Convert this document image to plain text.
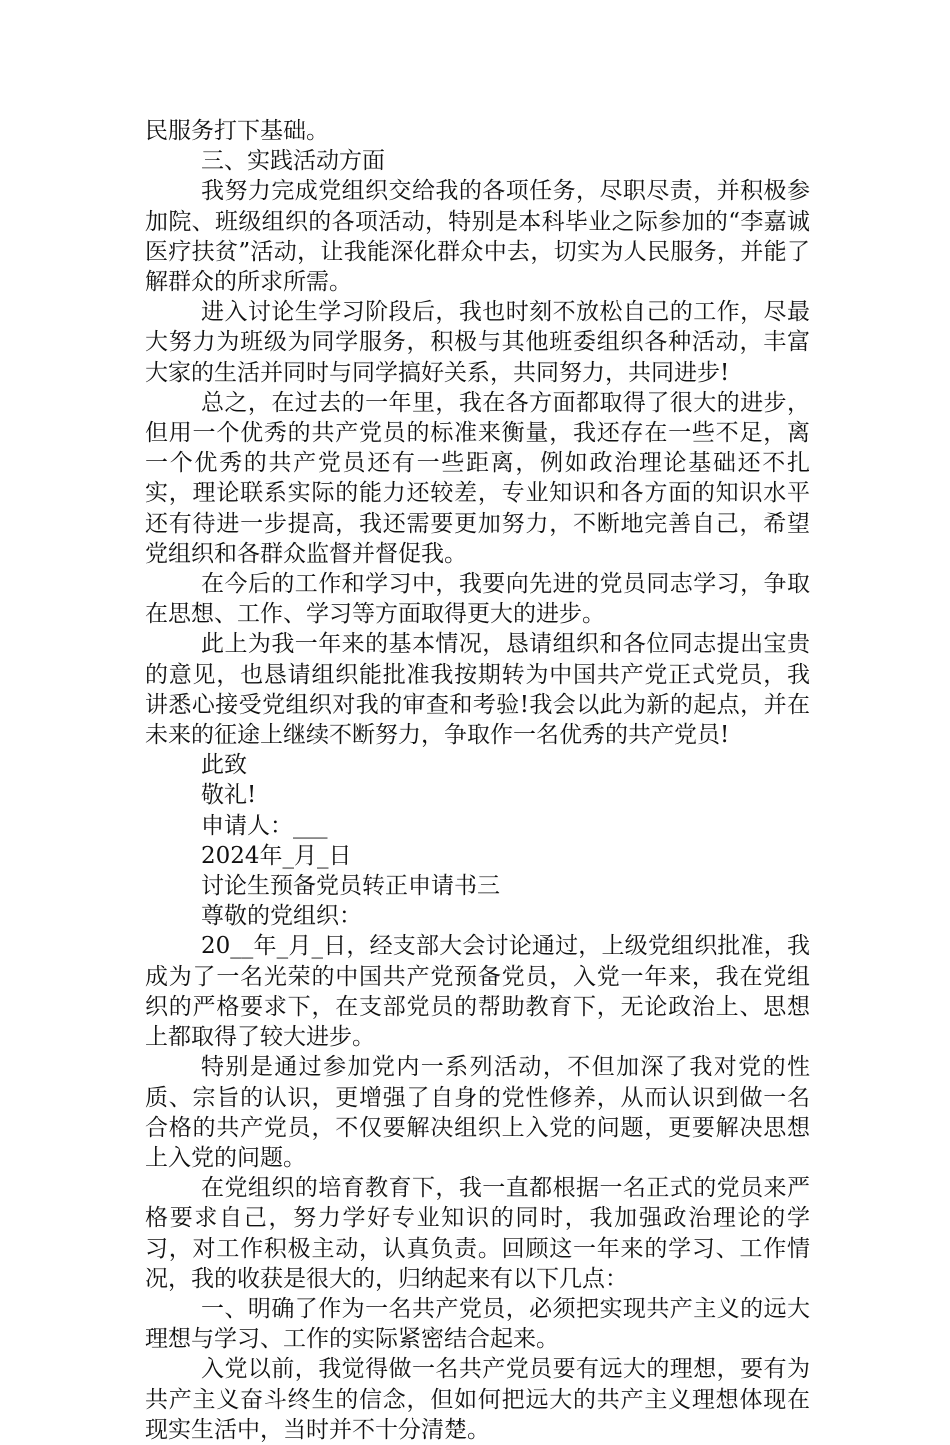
民服务打下基础。

三、实践活动方面

我努力完成党组织交给我的各项任务，尽职尽责，并积极参加院、班级组织的各项活动，特别是本科毕业之际参加的“李嘉诚医疗扶贫”活动，让我能深化群众中去，切实为人民服务，并能了解群众的所求所需。

进入讨论生学习阶段后，我也时刻不放松自己的工作，尽最大努力为班级为同学服务，积极与其他班委组织各种活动，丰富大家的生活并同时与同学搞好关系，共同努力，共同进步!

总之，在过去的一年里，我在各方面都取得了很大的进步，但用一个优秀的共产党员的标准来衡量，我还存在一些不足，离一个优秀的共产党员还有一些距离，例如政治理论基础还不扎实，理论联系实际的能力还较差，专业知识和各方面的知识水平还有待进一步提高，我还需要更加努力，不断地完善自己，希望党组织和各群众监督并督促我。

在今后的工作和学习中，我要向先进的党员同志学习，争取在思想、工作、学习等方面取得更大的进步。

此上为我一年来的基本情况，恳请组织和各位同志提出宝贵的意见，也恳请组织能批准我按期转为中国共产党正式党员，我讲悉心接受党组织对我的审查和考验!我会以此为新的起点，并在未来的征途上继续不断努力，争取作一名优秀的共产党员!

此致

敬礼!

申请人：___

2024年_月_日

讨论生预备党员转正申请书三

尊敬的党组织：

20__年_月_日，经支部大会讨论通过，上级党组织批准，我成为了一名光荣的中国共产党预备党员，入党一年来，我在党组织的严格要求下，在支部党员的帮助教育下，无论政治上、思想上都取得了较大进步。

特别是通过参加党内一系列活动，不但加深了我对党的性质、宗旨的认识，更增强了自身的党性修养，从而认识到做一名合格的共产党员，不仅要解决组织上入党的问题，更要解决思想上入党的问题。

在党组织的培育教育下，我一直都根据一名正式的党员来严格要求自己，努力学好专业知识的同时，我加强政治理论的学习，对工作积极主动，认真负责。回顾这一年来的学习、工作情况，我的收获是很大的，归纳起来有以下几点：

一、明确了作为一名共产党员，必须把实现共产主义的远大理想与学习、工作的实际紧密结合起来。

入党以前，我觉得做一名共产党员要有远大的理想，要有为共产主义奋斗终生的信念，但如何把远大的共产主义理想体现在现实生活中，当时并不十分清楚。
